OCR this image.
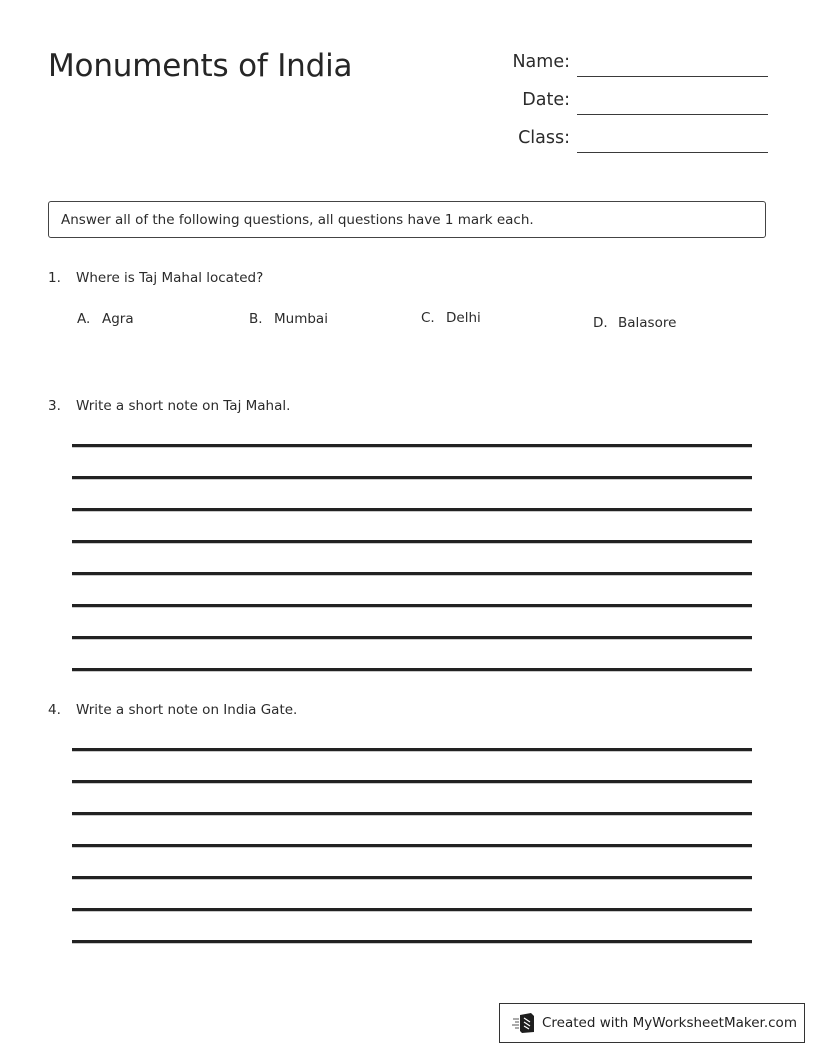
Monuments of India	Name:
Date:
Class:
Answer all of the following questions, all questions have 1 mark each.
1. Where is Taj Mahal located?
A. Agra	B. Mumbai	C. Delhi	D. Balasore
3. Write a short note on Taj Mahal.
4. Write a short note on India Gate.
Created with MyWorksheetMaker.com
